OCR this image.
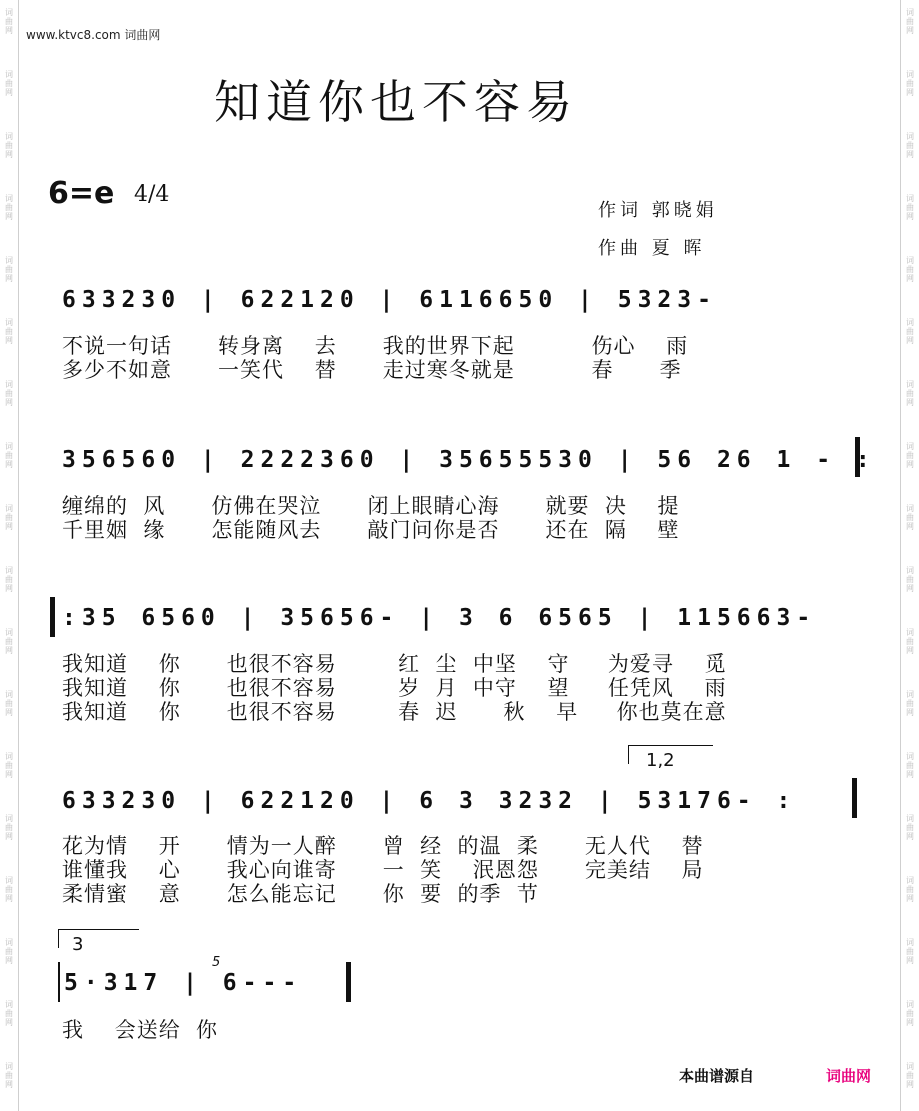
词
曲
网
词
曲
网
词
曲
网
词
曲
网
词
曲
网
词
曲
网
词
曲
网
词
曲
网
词
曲
网
词
曲
网
词
曲
网
词
曲
网
词
曲
网
词
曲
网
词
曲
网
词
曲
网
词
曲
网
词
曲
网
词
曲
网
词
曲
网
词
曲
网
词
曲
网
词
曲
网
词
曲
网
词
曲
网
词
曲
网
词
曲
网
词
曲
网
词
曲
网
词
曲
网
词
曲
网
词
曲
网
词
曲
网
词
曲
网
词
曲
网
词
曲
网
www.ktvc8.com 词曲网
知道你也不容易
6=e 4/4
作词 郭晓娟
作曲 夏 晖
633230 | 622120 | 6116650 | 5323-
不说一句话      转身离    去      我的世界下起          伤心    雨
多少不如意      一笑代    替      走过寒冬就是          春      季
356560 | 2222360 | 35655530 | 56 26 1 - :
缠绵的  风      仿佛在哭泣      闭上眼睛心海      就要  决    提
千里姻  缘      怎能随风去      敲门问你是否      还在  隔    壁
:35 6560 | 35656- | 3 6 6565 | 115663-
我知道    你      也很不容易        红  尘  中坚    守     为爱寻    觅
我知道    你      也很不容易        岁  月  中守    望     任凭风    雨
我知道    你      也很不容易        春  迟      秋    早     你也莫在意
1,2
633230 | 622120 | 6 3 3232 | 53176- :
花为情    开      情为一人醉      曾  经  的温  柔      无人代    替
谁懂我    心      我心向谁寄      一  笑    泯恩怨      完美结    局
柔情蜜    意      怎么能忘记      你  要  的季  节
3
5·317 | 6---
5
我    会送给  你
本曲谱源自	词曲网
